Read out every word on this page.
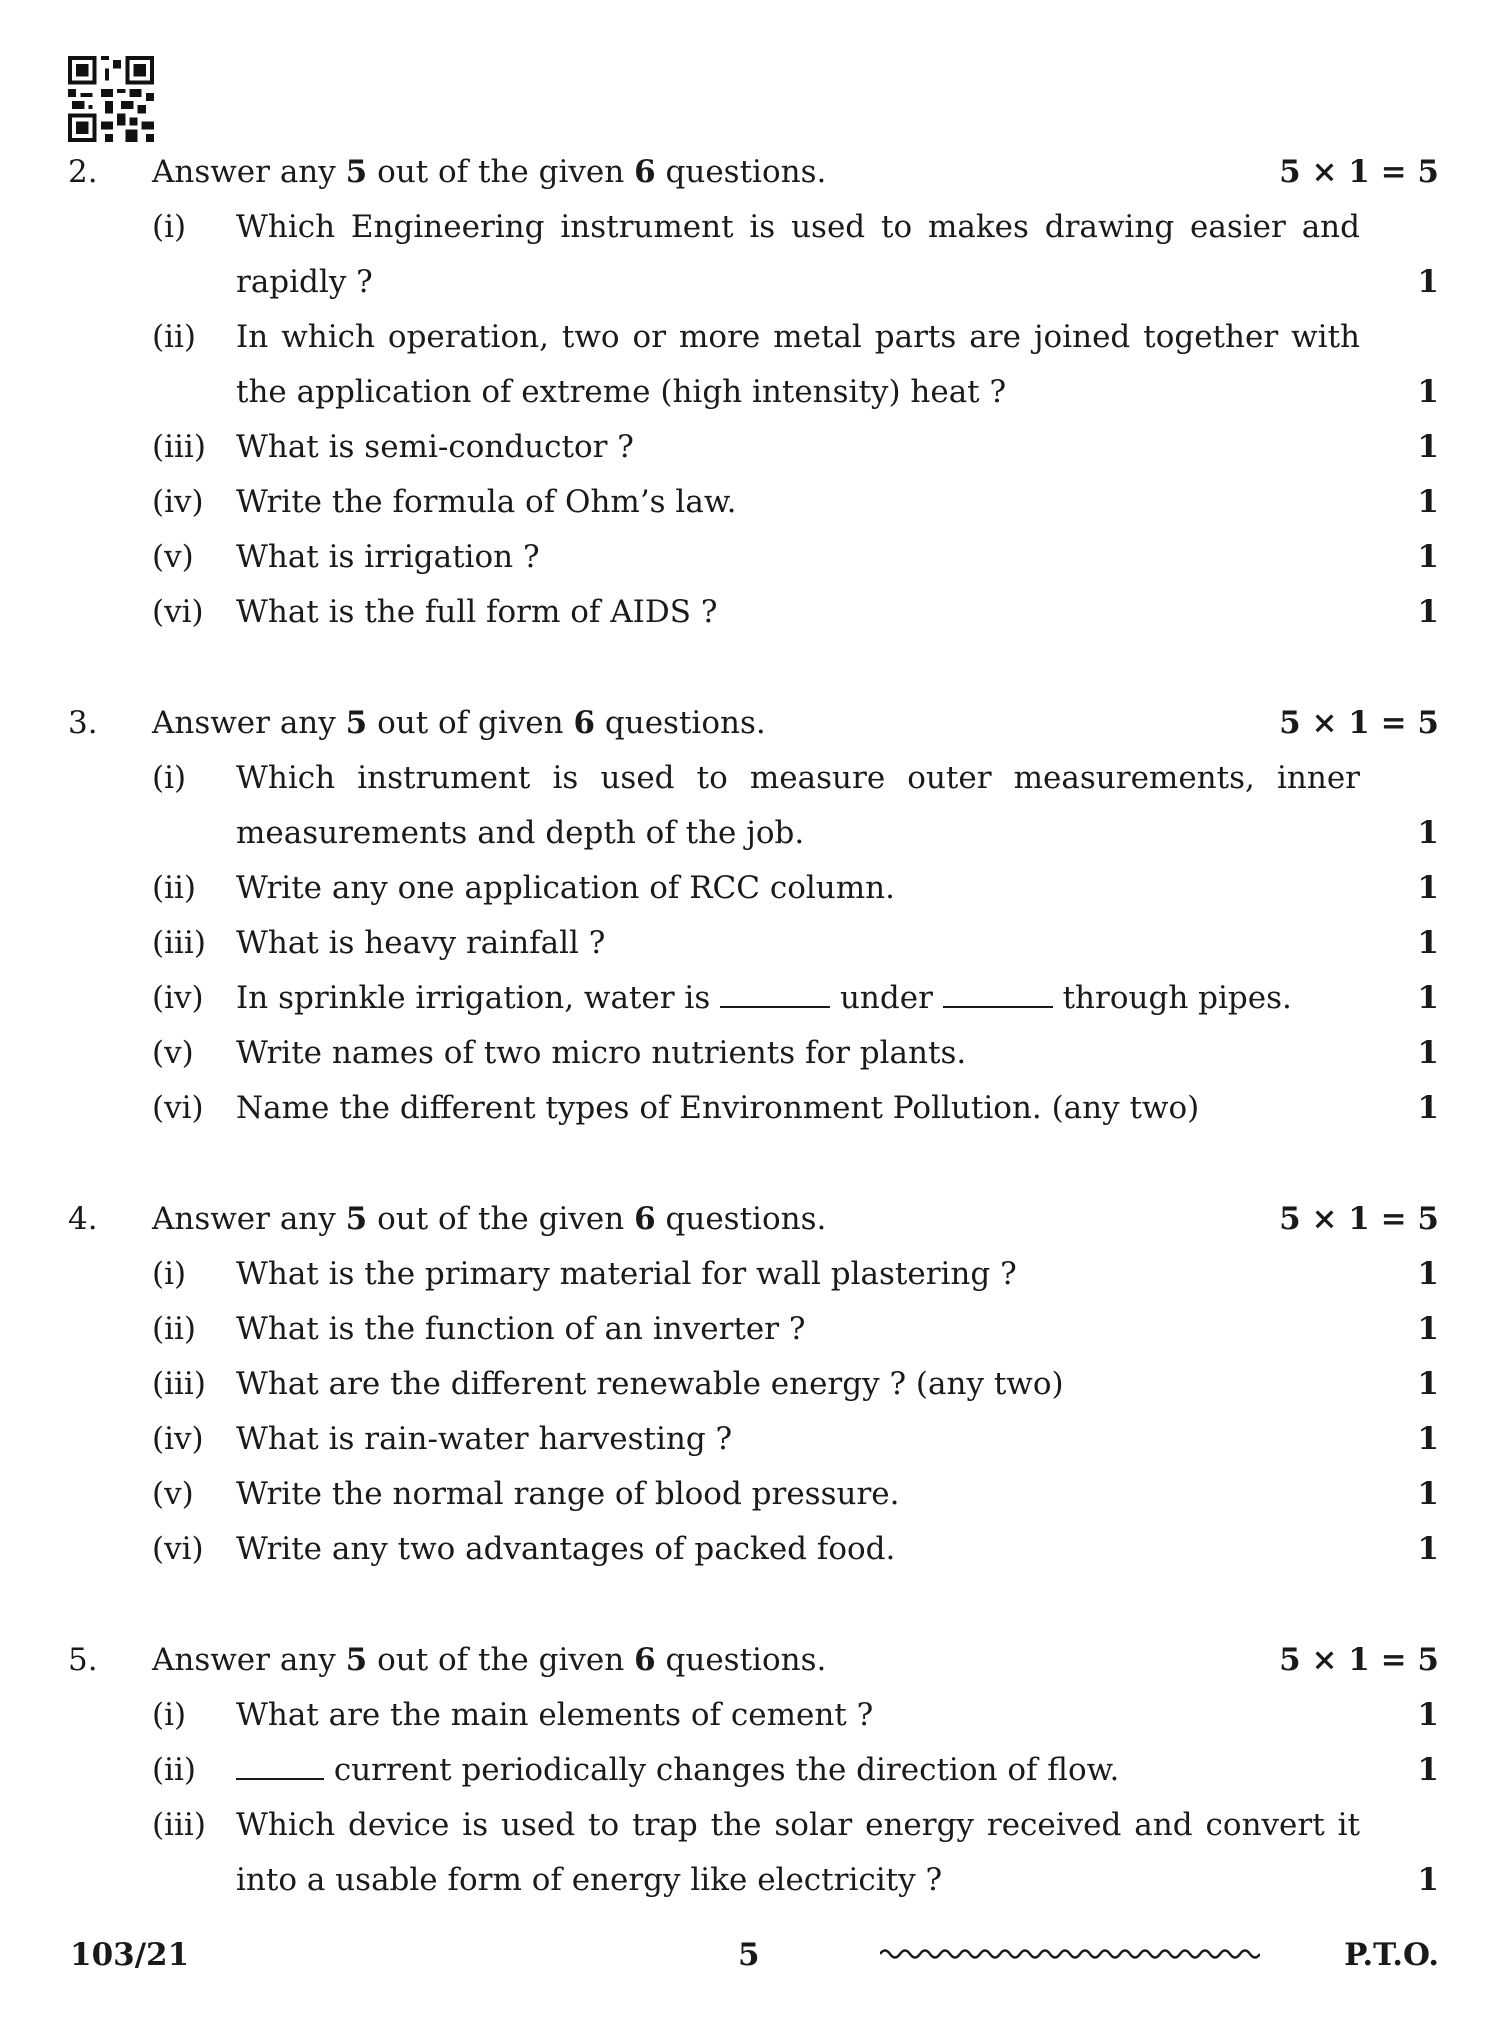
2. Answer any 5 out of the given 6 questions.	5 × 1 = 5
(i) Which Engineering instrument is used to makes drawing easier and
rapidly ?	1
(ii) In which operation, two or more metal parts are joined together with
the application of extreme (high intensity) heat ?	1
(iii) What is semi-conductor ?	1
(iv) Write the formula of Ohm’s law.	1
(v) What is irrigation ?	1
(vi) What is the full form of AIDS ?	1
3. Answer any 5 out of given 6 questions.	5 × 1 = 5
(i) Which instrument is used to measure outer measurements, inner
measurements and depth of the job.	1
(ii) Write any one application of RCC column.	1
(iii) What is heavy rainfall ?	1
(iv) In sprinkle irrigation, water is	under	through pipes.	1
(v) Write names of two micro nutrients for plants.	1
(vi) Name the different types of Environment Pollution. (any two)	1
4. Answer any 5 out of the given 6 questions.	5 × 1 = 5
(i) What is the primary material for wall plastering ?	1
(ii) What is the function of an inverter ?	1
(iii) What are the different renewable energy ? (any two)	1
(iv) What is rain-water harvesting ?	1
(v) Write the normal range of blood pressure.	1
(vi) Write any two advantages of packed food.	1
5. Answer any 5 out of the given 6 questions.	5 × 1 = 5
(i) What are the main elements of cement ?	1
(ii)	current periodically changes the direction of flow.	1
(iii) Which device is used to trap the solar energy received and convert it
into a usable form of energy like electricity ?	1
103/21	5	P.T.O.
